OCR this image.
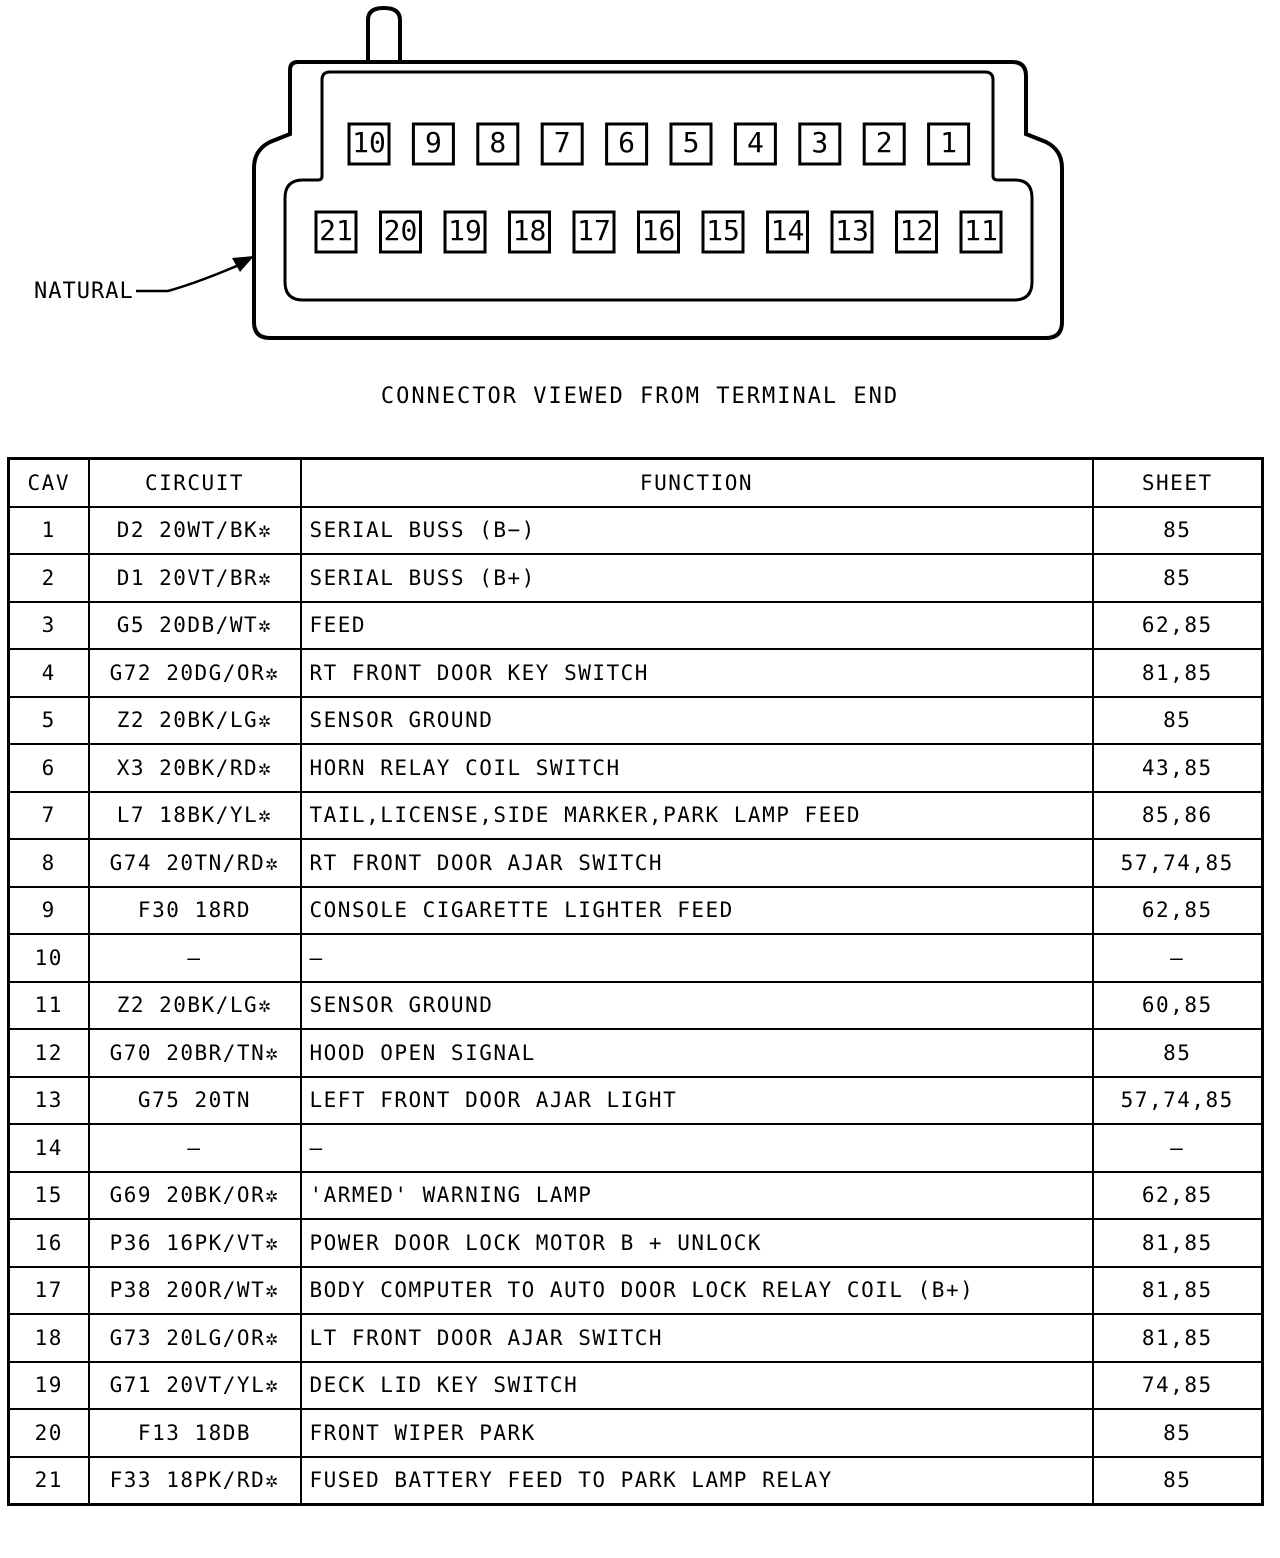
10	9	8	7	6	5	4	3	2	1
21	20	19	18	17	16	15	14	13	12	11
NATURAL
CONNECTOR VIEWED FROM TERMINAL END
CAV	CIRCUIT	FUNCTION	SHEET
1	D2 20WT/BK✲	SERIAL BUSS (B−)	85
2	D1 20VT/BR✲	SERIAL BUSS (B+)	85
3	G5 20DB/WT✲	FEED	62,85
4	G72 20DG/OR✲	RT FRONT DOOR KEY SWITCH	81,85
5	Z2 20BK/LG✲	SENSOR GROUND	85
6	X3 20BK/RD✲	HORN RELAY COIL SWITCH	43,85
7	L7 18BK/YL✲	TAIL,LICENSE,SIDE MARKER,PARK LAMP FEED	85,86
8	G74 20TN/RD✲	RT FRONT DOOR AJAR SWITCH	57,74,85
9	F30 18RD	CONSOLE CIGARETTE LIGHTER FEED	62,85
10	—	—	—
11	Z2 20BK/LG✲	SENSOR GROUND	60,85
12	G70 20BR/TN✲	HOOD OPEN SIGNAL	85
13	G75 20TN	LEFT FRONT DOOR AJAR LIGHT	57,74,85
14	—	—	—
15	G69 20BK/OR✲	'ARMED' WARNING LAMP	62,85
16	P36 16PK/VT✲	POWER DOOR LOCK MOTOR B + UNLOCK	81,85
17	P38 20OR/WT✲	BODY COMPUTER TO AUTO DOOR LOCK RELAY COIL (B+)	81,85
18	G73 20LG/OR✲	LT FRONT DOOR AJAR SWITCH	81,85
19	G71 20VT/YL✲	DECK LID KEY SWITCH	74,85
20	F13 18DB	FRONT WIPER PARK	85
21	F33 18PK/RD✲	FUSED BATTERY FEED TO PARK LAMP RELAY	85
